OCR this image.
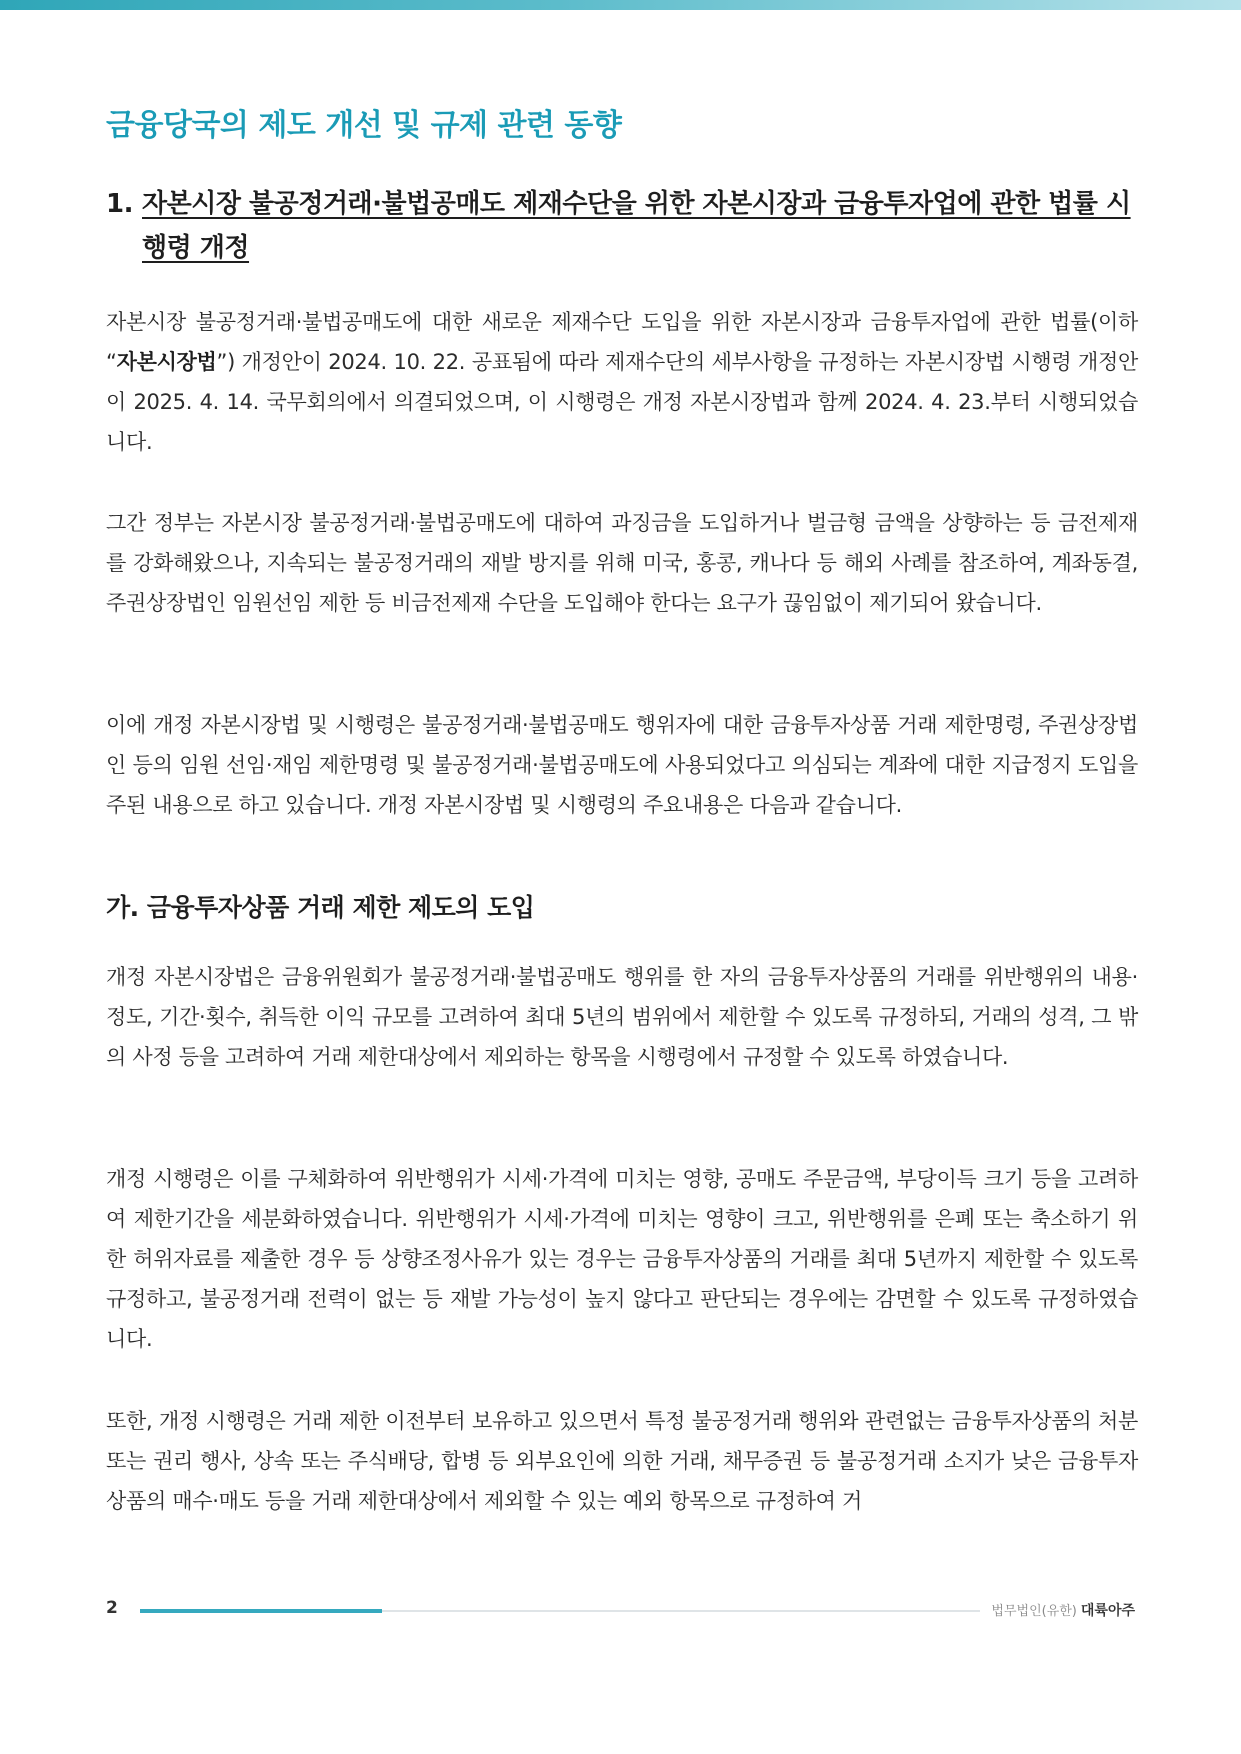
금융당국의 제도 개선 및 규제 관련 동향
1. 자본시장 불공정거래·불법공매도 제재수단을 위한 자본시장과 금융투자업에 관한 법률 시행령 개정

자본시장 불공정거래·불법공매도에 대한 새로운 제재수단 도입을 위한 자본시장과 금융투자업에 관한 법률(이하 “자본시장법”) 개정안이 2024. 10. 22. 공표됨에 따라 제재수단의 세부사항을 규정하는 자본시장법 시행령 개정안이 2025. 4. 14. 국무회의에서 의결되었으며, 이 시행령은 개정 자본시장법과 함께 2024. 4. 23.부터 시행되었습니다.

그간 정부는 자본시장 불공정거래·불법공매도에 대하여 과징금을 도입하거나 벌금형 금액을 상향하는 등 금전제재를 강화해왔으나, 지속되는 불공정거래의 재발 방지를 위해 미국, 홍콩, 캐나다 등 해외 사례를 참조하여, 계좌동결, 주권상장법인 임원선임 제한 등 비금전제재 수단을 도입해야 한다는 요구가 끊임없이 제기되어 왔습니다.

이에 개정 자본시장법 및 시행령은 불공정거래·불법공매도 행위자에 대한 금융투자상품 거래 제한명령, 주권상장법인 등의 임원 선임·재임 제한명령 및 불공정거래·불법공매도에 사용되었다고 의심되는 계좌에 대한 지급정지 도입을 주된 내용으로 하고 있습니다. 개정 자본시장법 및 시행령의 주요내용은 다음과 같습니다.

가. 금융투자상품 거래 제한 제도의 도입

개정 자본시장법은 금융위원회가 불공정거래·불법공매도 행위를 한 자의 금융투자상품의 거래를 위반행위의 내용·정도, 기간·횟수, 취득한 이익 규모를 고려하여 최대 5년의 범위에서 제한할 수 있도록 규정하되, 거래의 성격, 그 밖의 사정 등을 고려하여 거래 제한대상에서 제외하는 항목을 시행령에서 규정할 수 있도록 하였습니다.

개정 시행령은 이를 구체화하여 위반행위가 시세·가격에 미치는 영향, 공매도 주문금액, 부당이득 크기 등을 고려하여 제한기간을 세분화하였습니다. 위반행위가 시세·가격에 미치는 영향이 크고, 위반행위를 은폐 또는 축소하기 위한 허위자료를 제출한 경우 등 상향조정사유가 있는 경우는 금융투자상품의 거래를 최대 5년까지 제한할 수 있도록 규정하고, 불공정거래 전력이 없는 등 재발 가능성이 높지 않다고 판단되는 경우에는 감면할 수 있도록 규정하였습니다.

또한, 개정 시행령은 거래 제한 이전부터 보유하고 있으면서 특정 불공정거래 행위와 관련없는 금융투자상품의 처분 또는 권리 행사, 상속 또는 주식배당, 합병 등 외부요인에 의한 거래, 채무증권 등 불공정거래 소지가 낮은 금융투자상품의 매수·매도 등을 거래 제한대상에서 제외할 수 있는 예외 항목으로 규정하여 거

2	법무법인(유한) 대륙아주
